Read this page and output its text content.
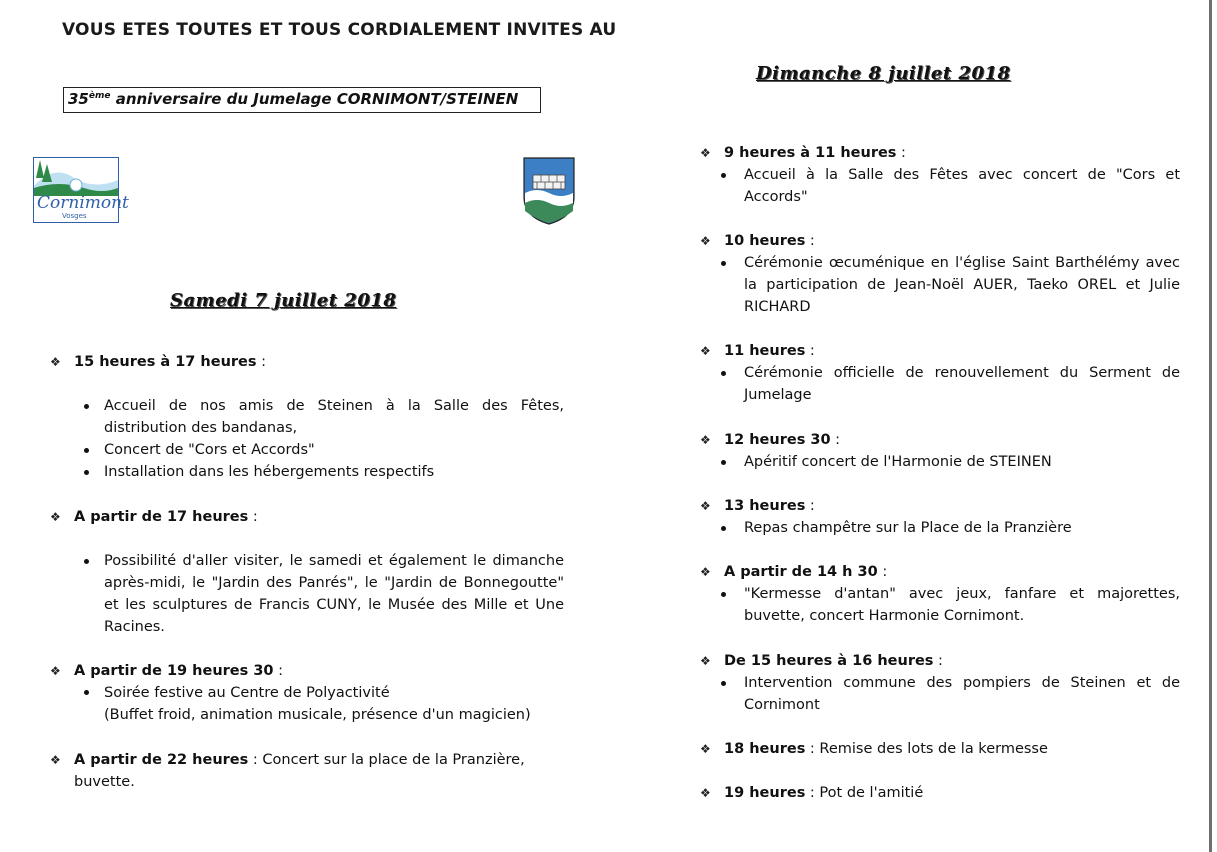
VOUS ETES TOUTES ET TOUS CORDIALEMENT INVITES AU
35ème anniversaire du Jumelage CORNIMONT/STEINEN
Cornimont
Vosges
Samedi 7 juillet 2018
Dimanche 8 juillet 2018
❖ 15 heures à 17 heures :
Accueil de nos amis de Steinen à la Salle des Fêtes, distribution des bandanas,
Concert de "Cors et Accords"
Installation dans les hébergements respectifs
❖ A partir de 17 heures :
Possibilité d'aller visiter, le samedi et également le dimanche après-midi, le "Jardin des Panrés", le "Jardin de Bonnegoutte" et les sculptures de Francis CUNY, le Musée des Mille et Une Racines.
❖ A partir de 19 heures 30 :
Soirée festive au Centre de Polyactivité
(Buffet froid, animation musicale, présence d'un magicien)
❖ A partir de 22 heures : Concert sur la place de la Pranzière,
buvette.
❖ 9 heures à 11 heures :
Accueil à la Salle des Fêtes avec concert de "Cors et Accords"
❖ 10 heures :
Cérémonie œcuménique en l'église Saint Barthélémy avec la participation de Jean-Noël AUER, Taeko OREL et Julie RICHARD
❖ 11 heures :
Cérémonie officielle de renouvellement du Serment de Jumelage
❖ 12 heures 30 :
Apéritif concert de l'Harmonie de STEINEN
❖ 13 heures :
Repas champêtre sur la Place de la Pranzière
❖ A partir de 14 h 30 :
"Kermesse d'antan" avec jeux, fanfare et majorettes, buvette, concert Harmonie Cornimont.
❖ De 15 heures à 16 heures :
Intervention commune des pompiers de Steinen et de Cornimont
❖ 18 heures : Remise des lots de la kermesse
❖ 19 heures : Pot de l'amitié
